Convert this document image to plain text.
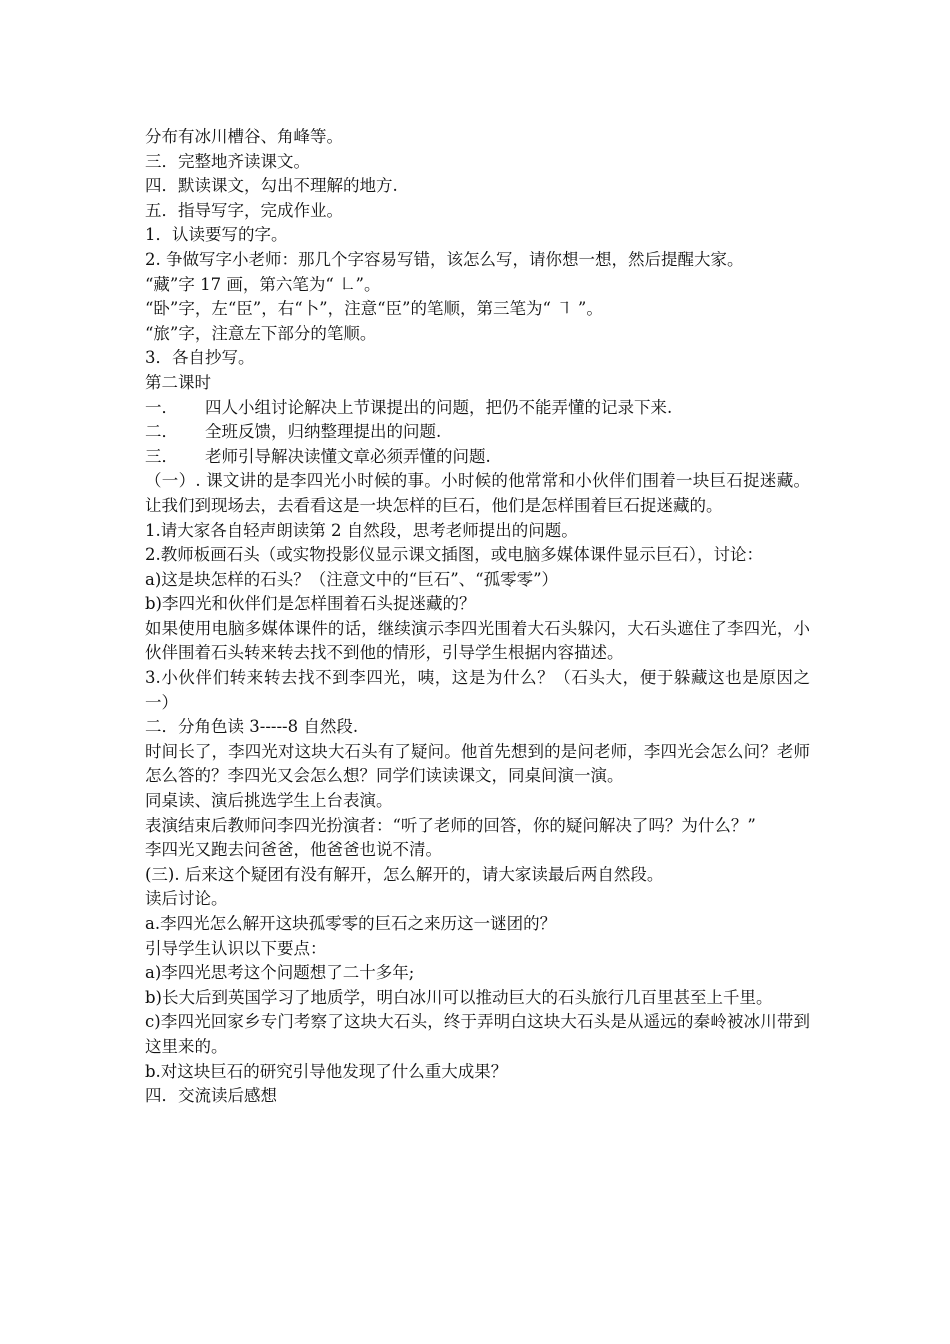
分布有冰川槽谷、角峰等。
三．完整地齐读课文。
四．默读课文，勾出不理解的地方.
五．指导写字，完成作业。
1．认读要写的字。
2. 争做写字小老师：那几个字容易写错，该怎么写，请你想一想，然后提醒大家。
“藏”字 17 画，第六笔为“ ㇗”。
“卧”字，左“臣”，右“卜”，注意“臣”的笔顺，第三笔为“ ㇕ ”。
“旅”字，注意左下部分的笔顺。
3．各自抄写。
第二课时
一． 四人小组讨论解决上节课提出的问题，把仍不能弄懂的记录下来.
二． 全班反馈，归纳整理提出的问题.
三． 老师引导解决读懂文章必须弄懂的问题.
（一）. 课文讲的是李四光小时候的事。小时候的他常常和小伙伴们围着一块巨石捉迷藏。让我们到现场去，去看看这是一块怎样的巨石，他们是怎样围着巨石捉迷藏的。
1.请大家各自轻声朗读第 2 自然段，思考老师提出的问题。
2.教师板画石头（或实物投影仪显示课文插图，或电脑多媒体课件显示巨石），讨论：
a)这是块怎样的石头？（注意文中的“巨石”、“孤零零”）
b)李四光和伙伴们是怎样围着石头捉迷藏的？
如果使用电脑多媒体课件的话，继续演示李四光围着大石头躲闪，大石头遮住了李四光，小伙伴围着石头转来转去找不到他的情形，引导学生根据内容描述。
3.小伙伴们转来转去找不到李四光，咦，这是为什么？（石头大，便于躲藏这也是原因之一）
二．分角色读 3-----8 自然段.
时间长了，李四光对这块大石头有了疑问。他首先想到的是问老师，李四光会怎么问？老师怎么答的？李四光又会怎么想？同学们读读课文，同桌间演一演。
同桌读、演后挑选学生上台表演。
表演结束后教师问李四光扮演者：“听了老师的回答，你的疑问解决了吗？为什么？”
李四光又跑去问爸爸，他爸爸也说不清。
(三). 后来这个疑团有没有解开，怎么解开的，请大家读最后两自然段。
读后讨论。
a.李四光怎么解开这块孤零零的巨石之来历这一谜团的？
引导学生认识以下要点：
a)李四光思考这个问题想了二十多年;
b)长大后到英国学习了地质学，明白冰川可以推动巨大的石头旅行几百里甚至上千里。
c)李四光回家乡专门考察了这块大石头，终于弄明白这块大石头是从遥远的秦岭被冰川带到这里来的。
b.对这块巨石的研究引导他发现了什么重大成果？
四．交流读后感想
